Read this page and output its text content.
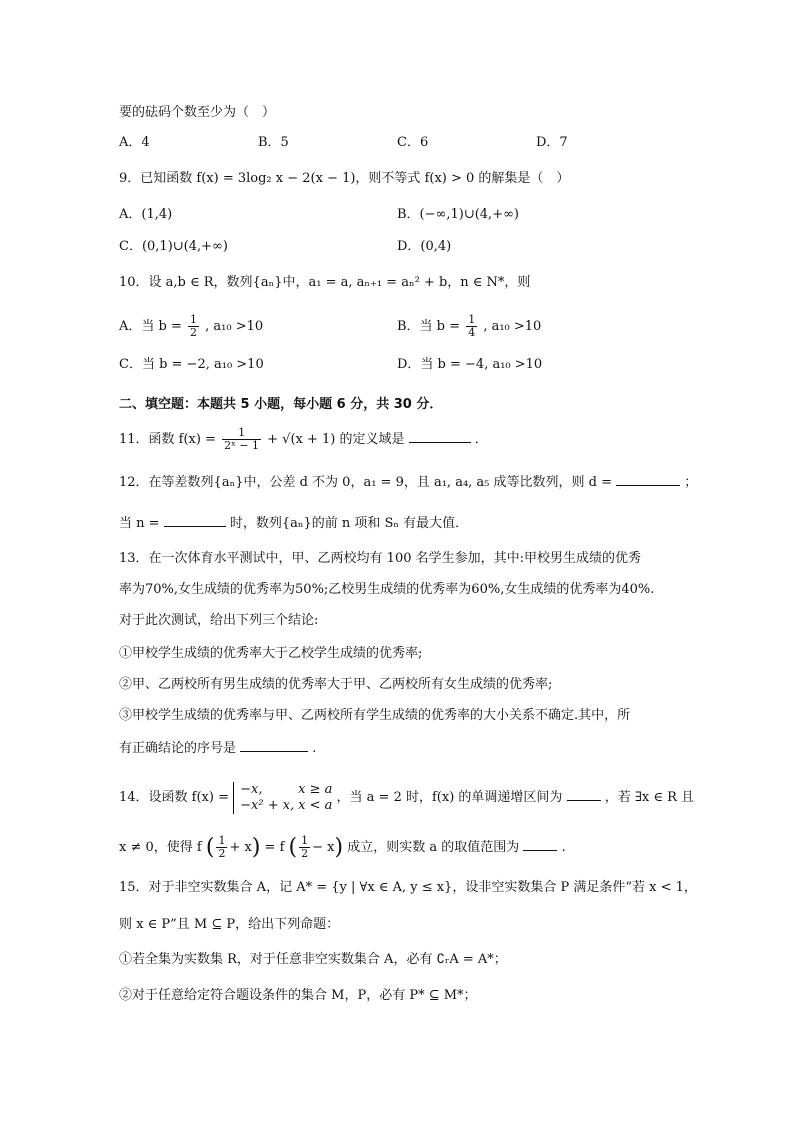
要的砝码个数至少为（　）
A．4	B．5	C．6	D．7
9．已知函数 f(x) = 3log₂ x − 2(x − 1)，则不等式 f(x) > 0 的解集是（　）
A．(1,4)	B．(−∞,1)∪(4,+∞)
C．(0,1)∪(4,+∞)	D．(0,4)
10．设 a,b ∈ R，数列{aₙ}中，a₁ = a, aₙ₊₁ = aₙ² + b，n ∈ N*，则
A．当 $b = \frac{1}{2}$ , a₁₀ >10	B．当 $b = \frac{1}{4}$ , a₁₀ >10
C．当 b = −2, a₁₀ >10	D．当 b = −4, a₁₀ >10
二、填空题：本题共 5 小题，每小题 6 分，共 30 分．
11．函数 $f(x) = \frac{1}{\text{2ˣ − 1}} + √(x + 1)$ 的定义域是	．
12．在等差数列{aₙ}中，公差 d 不为 0，a₁ = 9，且 a₁, a₄, a₅ 成等比数列，则 d =	；
当 n =	时，数列{aₙ}的前 n 项和 Sₙ 有最大值．
13．在一次体育水平测试中，甲、乙两校均有 100 名学生参加，其中:甲校男生成绩的优秀
率为70%,女生成绩的优秀率为50%;乙校男生成绩的优秀率为60%,女生成绩的优秀率为40%.
对于此次测试，给出下列三个结论:
①甲校学生成绩的优秀率大于乙校学生成绩的优秀率;
②甲、乙两校所有男生成绩的优秀率大于甲、乙两校所有女生成绩的优秀率;
③甲校学生成绩的优秀率与甲、乙两校所有学生成绩的优秀率的大小关系不确定.其中，所
有正确结论的序号是	.
14．设函数 f(x) =
−x,	x ≥ a
−x² + x, x < a ，当 a = 2 时，f(x) 的单调递增区间为	，若 ∃x ∈ R 且
x ≠ 0，使得 f ( $\frac{1}{2} + x) = f$ ( $\frac{1}{2} - x$) 成立，则实数 a 的取值范围为	.
15．对于非空实数集合 A，记 A* = {y | ∀x ∈ A, y ≤ x}，设非空实数集合 P 满足条件“若 x < 1，
则 x ∈ P”且 M ⊆ P，给出下列命题：
①若全集为实数集 R，对于任意非空实数集合 A，必有 ∁ᵣA = A*；
②对于任意给定符合题设条件的集合 M，P，必有 P* ⊆ M*；
